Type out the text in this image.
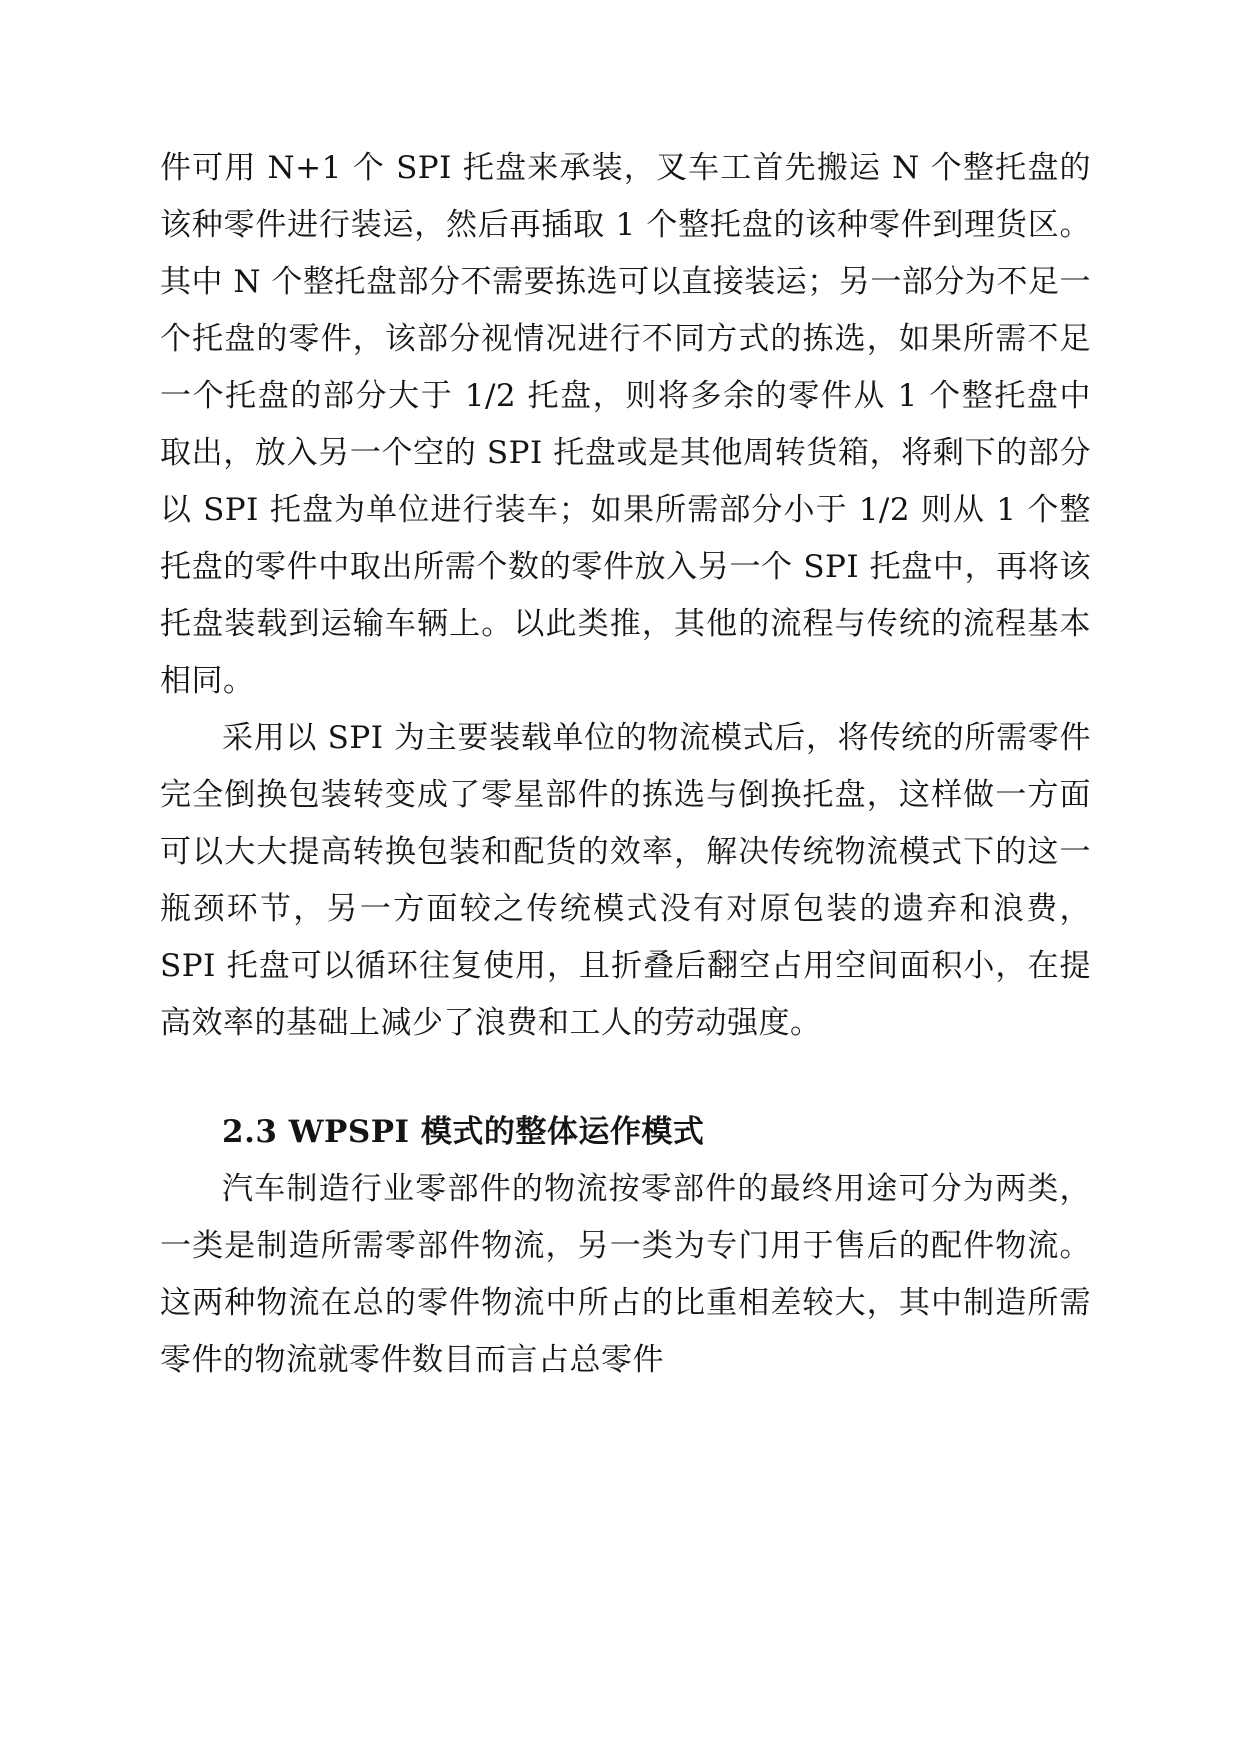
件可用 N+1 个 SPI 托盘来承装，叉车工首先搬运 N 个整托盘的该种零件进行装运，然后再插取 1 个整托盘的该种零件到理货区。其中 N 个整托盘部分不需要拣选可以直接装运；另一部分为不足一个托盘的零件，该部分视情况进行不同方式的拣选，如果所需不足一个托盘的部分大于 1/2 托盘，则将多余的零件从 1 个整托盘中取出，放入另一个空的 SPI 托盘或是其他周转货箱，将剩下的部分以 SPI 托盘为单位进行装车；如果所需部分小于 1/2 则从 1 个整托盘的零件中取出所需个数的零件放入另一个 SPI 托盘中，再将该托盘装载到运输车辆上。以此类推，其他的流程与传统的流程基本相同。

采用以 SPI 为主要装载单位的物流模式后，将传统的所需零件完全倒换包装转变成了零星部件的拣选与倒换托盘，这样做一方面可以大大提高转换包装和配货的效率，解决传统物流模式下的这一瓶颈环节，另一方面较之传统模式没有对原包装的遗弃和浪费，SPI 托盘可以循环往复使用，且折叠后翻空占用空间面积小，在提高效率的基础上减少了浪费和工人的劳动强度。

2.3 WPSPI 模式的整体运作模式

汽车制造行业零部件的物流按零部件的最终用途可分为两类，一类是制造所需零部件物流，另一类为专门用于售后的配件物流。这两种物流在总的零件物流中所占的比重相差较大，其中制造所需零件的物流就零件数目而言占总零件
